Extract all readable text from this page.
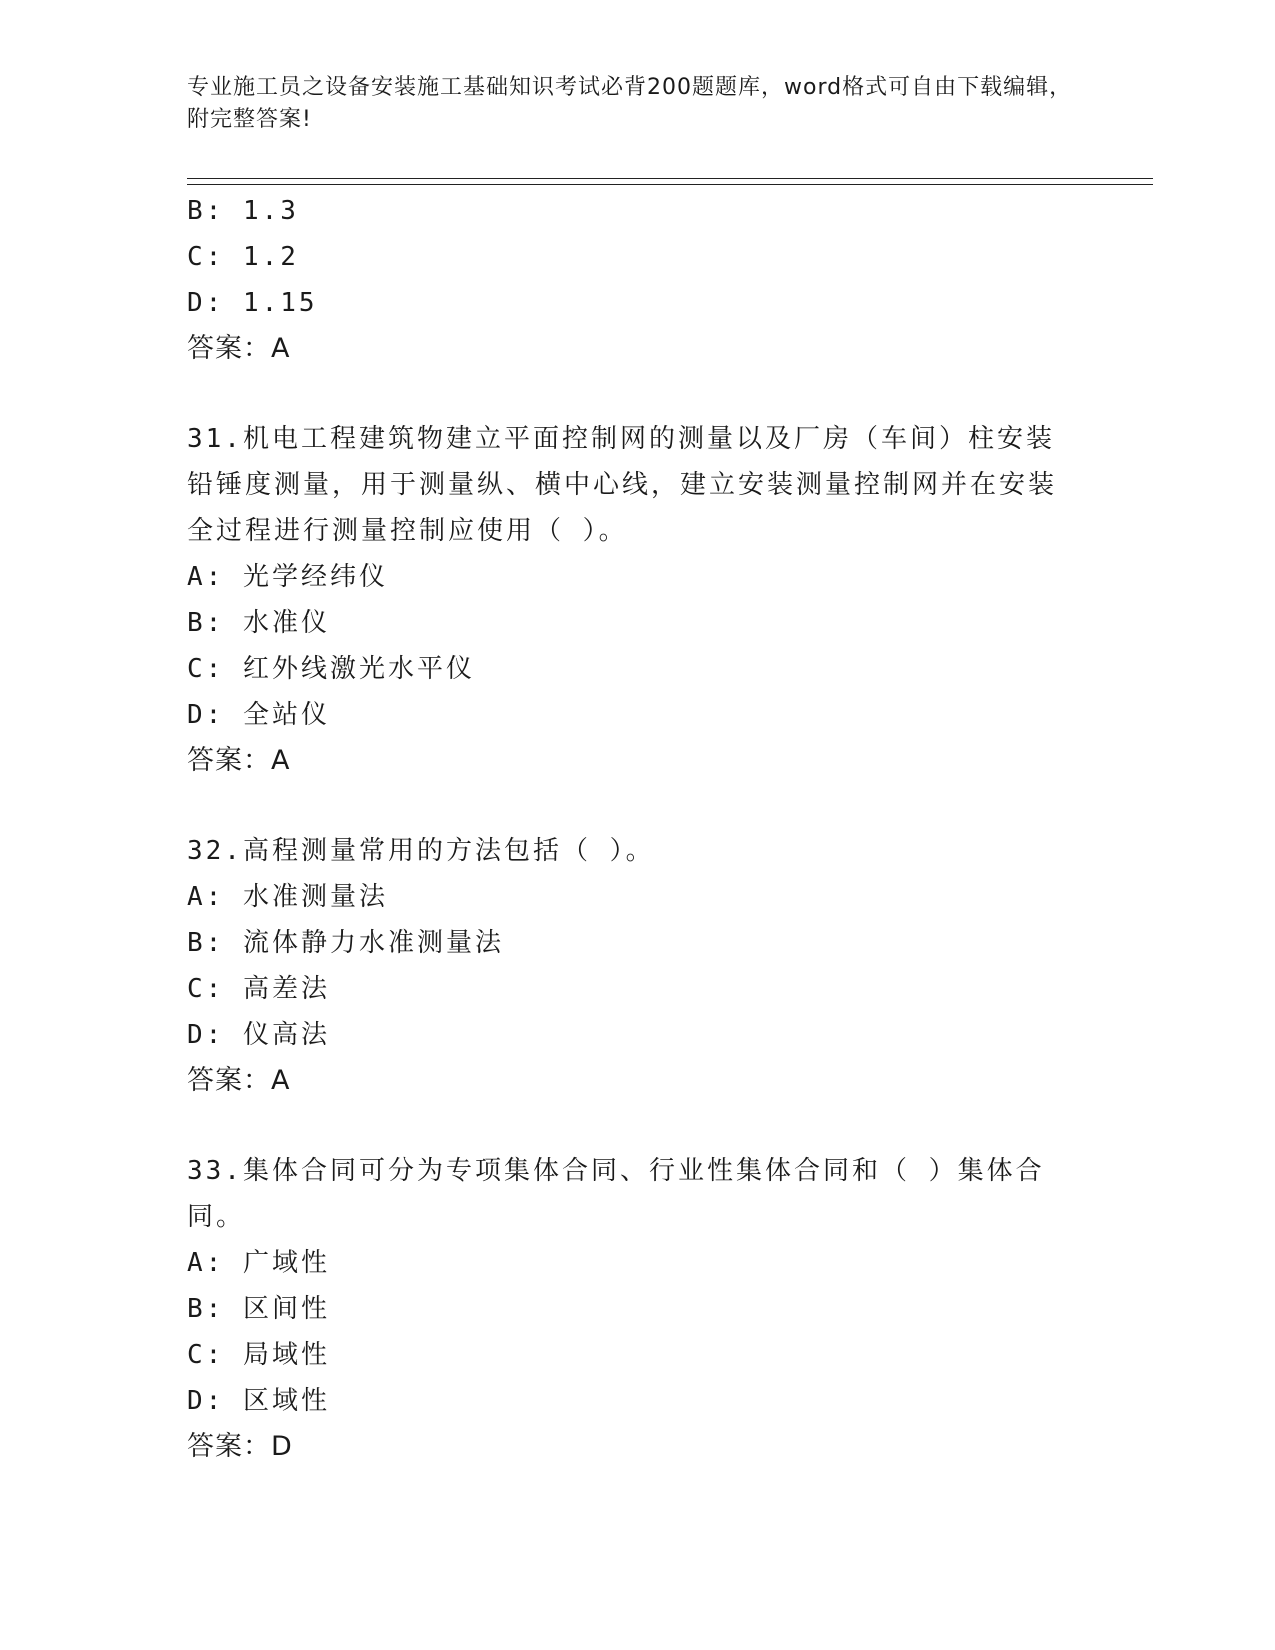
专业施工员之设备安装施工基础知识考试必背200题题库，word格式可自由下载编辑，附完整答案!
B: 1.3
C: 1.2
D: 1.15
答案：A
31.机电工程建筑物建立平面控制网的测量以及厂房（车间）柱安装铅锤度测量，用于测量纵、横中心线，建立安装测量控制网并在安装全过程进行测量控制应使用（ ）。
A: 光学经纬仪
B: 水准仪
C: 红外线激光水平仪
D: 全站仪
答案：A
32.高程测量常用的方法包括（ ）。
A: 水准测量法
B: 流体静力水准测量法
C: 高差法
D: 仪高法
答案：A
33.集体合同可分为专项集体合同、行业性集体合同和（ ）集体合同。
A: 广域性
B: 区间性
C: 局域性
D: 区域性
答案：D
